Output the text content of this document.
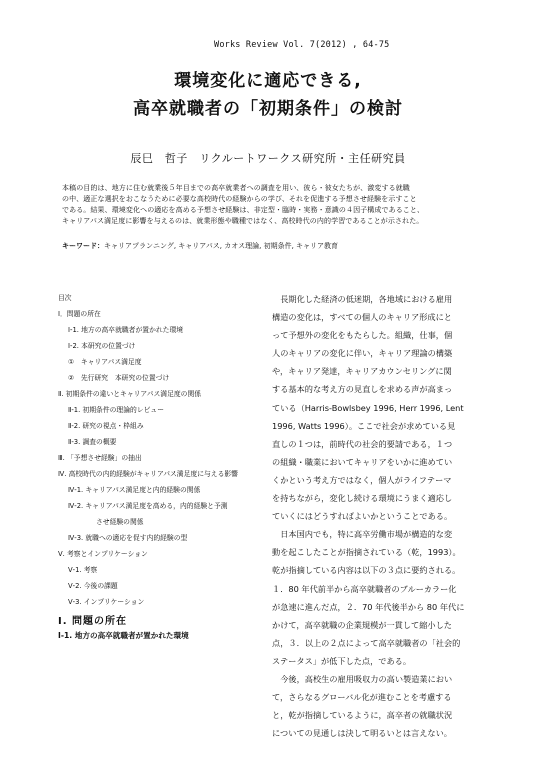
Works Review Vol. 7(2012) , 64-75
環境変化に適応できる,
高卒就職者の「初期条件」の検討
辰巳　哲子　リクルートワークス研究所・主任研究員
本稿の目的は、地方に住む就業後５年目までの高卒就業者への調査を用い、彼ら・彼女たちが、激変する就職
の中、適正な選択をおこなうために必要な高校時代の経験からの学び、それを促進する予想させ経験を示すこと
である。結果、環境変化への適応を高める予想させ経験は、非定型・臨時・実務・意識の４因子構成であること、
キャリアパス満足度に影響を与えるのは、就業形態や職種ではなく、高校時代の内的学習であることが示された。
キーワード：キャリアプランニング, キャリアパス, カオス理論, 初期条件, キャリア教育
目次
Ⅰ．問題の所在
Ⅰ-1. 地方の高卒就職者が置かれた環境
Ⅰ-2. 本研究の位置づけ
①　キャリアパス満足度
②　先行研究　本研究の位置づけ
Ⅱ. 初期条件の違いとキャリアパス満足度の関係
Ⅱ-1. 初期条件の理論的レビュー
Ⅱ-2. 研究の視点・枠組み
Ⅱ-3. 調査の概要
Ⅲ. 「予想させ経験」の抽出
Ⅳ. 高校時代の内的経験がキャリアパス満足度に与える影響
Ⅳ-1. キャリアパス満足度と内的経験の関係
Ⅳ-2. キャリアパス満足度を高める，内的経験と予測
させ経験の関係
Ⅳ-3. 就職への適応を促す内的経験の型
Ⅴ. 考察とインプリケーション
Ⅴ-1. 考察
Ⅴ-2. 今後の課題
Ⅴ-3. インプリケーション
Ⅰ. 問題の所在
Ⅰ-1. 地方の高卒就職者が置かれた環境
　長期化した経済の低迷期，各地域における雇用
構造の変化は，すべての個人のキャリア形成にと
って予想外の変化をもたらした。組織，仕事，個
人のキャリアの変化に伴い，キャリア理論の構築
や，キャリア発達，キャリアカウンセリングに関
する基本的な考え方の見直しを求める声が高まっ
ている（Harris-Bowlsbey 1996, Herr 1996, Lent
1996, Watts 1996）。ここで社会が求めている見
直しの１つは，前時代の社会的要請である，１つ
の組織・職業においてキャリアをいかに進めてい
くかという考え方ではなく，個人がライフテーマ
を持ちながら，変化し続ける環境にうまく適応し
ていくにはどうすればよいかということである。
　日本国内でも，特に高卒労働市場が構造的な変
動を起こしたことが指摘されている（乾，1993）。
乾が指摘している内容は以下の３点に要約される。
１．80 年代前半から高卒就職者のブルーカラー化
が急速に進んだ点，２．70 年代後半から 80 年代に
かけて，高卒就職の企業規模が一貫して縮小した
点，３．以上の２点によって高卒就職者の「社会的
ステータス」が低下した点，である。
　今後，高校生の雇用吸収力の高い製造業におい
て，さらなるグローバル化が進むことを考慮する
と，乾が指摘しているように，高卒者の就職状況
についての見通しは決して明るいとは言えない。
